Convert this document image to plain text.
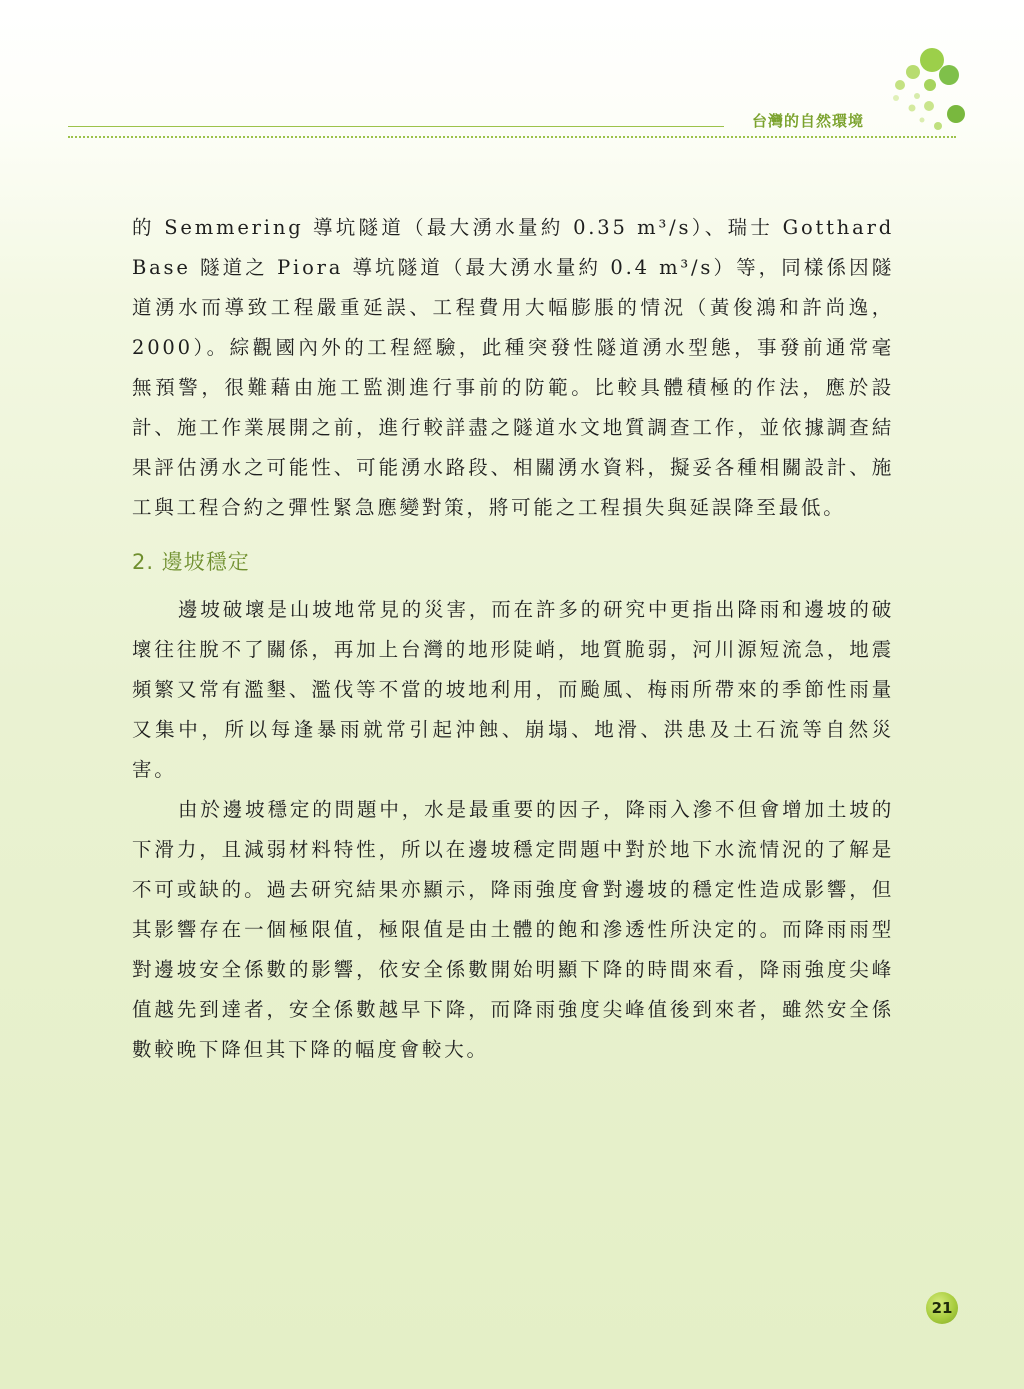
台灣的自然環境

的 Semmering 導坑隧道（最大湧水量約 0.35 m³/s）、瑞士 Gotthard Base 隧道之 Piora 導坑隧道（最大湧水量約 0.4 m³/s）等，同樣係因隧道湧水而導致工程嚴重延誤、工程費用大幅膨脹的情況（黃俊鴻和許尚逸，2000）。綜觀國內外的工程經驗，此種突發性隧道湧水型態，事發前通常毫無預警，很難藉由施工監測進行事前的防範。比較具體積極的作法，應於設計、施工作業展開之前，進行較詳盡之隧道水文地質調查工作，並依據調查結果評估湧水之可能性、可能湧水路段、相關湧水資料，擬妥各種相關設計、施工與工程合約之彈性緊急應變對策，將可能之工程損失與延誤降至最低。

2. 邊坡穩定

邊坡破壞是山坡地常見的災害，而在許多的研究中更指出降雨和邊坡的破壞往往脫不了關係，再加上台灣的地形陡峭，地質脆弱，河川源短流急，地震頻繁又常有濫墾、濫伐等不當的坡地利用，而颱風、梅雨所帶來的季節性雨量又集中，所以每逢暴雨就常引起沖蝕、崩塌、地滑、洪患及土石流等自然災害。

由於邊坡穩定的問題中，水是最重要的因子，降雨入滲不但會增加土坡的下滑力，且減弱材料特性，所以在邊坡穩定問題中對於地下水流情況的了解是不可或缺的。過去研究結果亦顯示，降雨強度會對邊坡的穩定性造成影響，但其影響存在一個極限值，極限值是由土體的飽和滲透性所決定的。而降雨雨型對邊坡安全係數的影響，依安全係數開始明顯下降的時間來看，降雨強度尖峰值越先到達者，安全係數越早下降，而降雨強度尖峰值後到來者，雖然安全係數較晚下降但其下降的幅度會較大。

21
